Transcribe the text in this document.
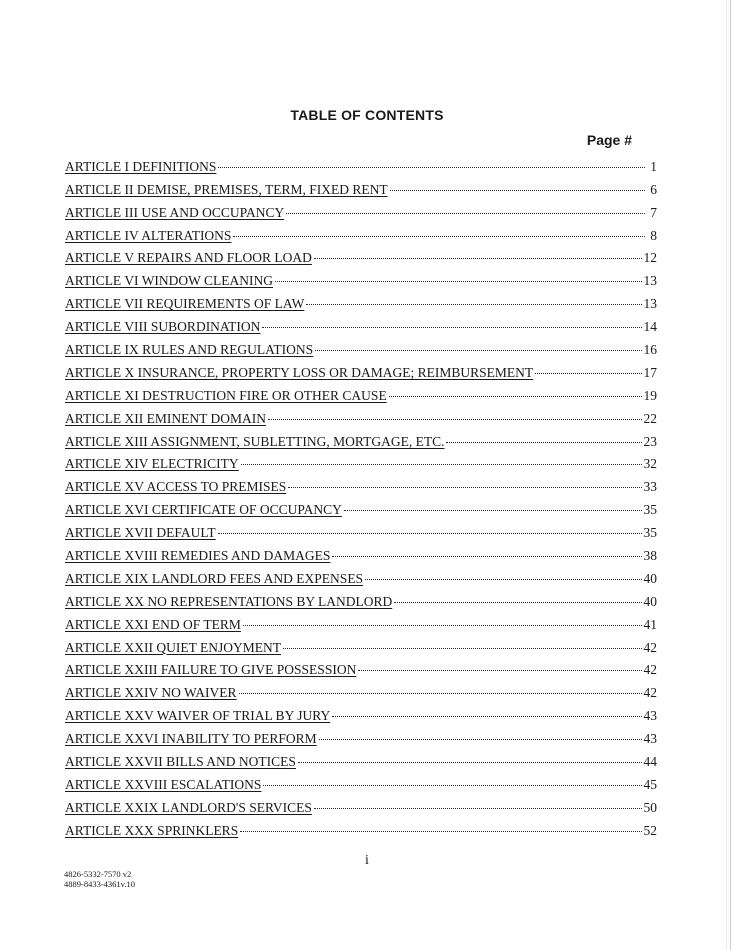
TABLE OF CONTENTS
Page #
ARTICLE I DEFINITIONS	1
ARTICLE II DEMISE, PREMISES, TERM, FIXED RENT	6
ARTICLE III USE AND OCCUPANCY	7
ARTICLE IV ALTERATIONS	8
ARTICLE V REPAIRS AND FLOOR LOAD	12
ARTICLE VI WINDOW CLEANING	13
ARTICLE VII REQUIREMENTS OF LAW	13
ARTICLE VIII SUBORDINATION	14
ARTICLE IX RULES AND REGULATIONS	16
ARTICLE X INSURANCE, PROPERTY LOSS OR DAMAGE; REIMBURSEMENT	17
ARTICLE XI DESTRUCTION FIRE OR OTHER CAUSE	19
ARTICLE XII EMINENT DOMAIN	22
ARTICLE XIII ASSIGNMENT, SUBLETTING, MORTGAGE, ETC.	23
ARTICLE XIV ELECTRICITY	32
ARTICLE XV ACCESS TO PREMISES	33
ARTICLE XVI CERTIFICATE OF OCCUPANCY	35
ARTICLE XVII DEFAULT	35
ARTICLE XVIII REMEDIES AND DAMAGES	38
ARTICLE XIX LANDLORD FEES AND EXPENSES	40
ARTICLE XX NO REPRESENTATIONS BY LANDLORD	40
ARTICLE XXI END OF TERM	41
ARTICLE XXII QUIET ENJOYMENT	42
ARTICLE XXIII FAILURE TO GIVE POSSESSION	42
ARTICLE XXIV NO WAIVER	42
ARTICLE XXV WAIVER OF TRIAL BY JURY	43
ARTICLE XXVI INABILITY TO PERFORM	43
ARTICLE XXVII BILLS AND NOTICES	44
ARTICLE XXVIII ESCALATIONS	45
ARTICLE XXIX LANDLORD'S SERVICES	50
ARTICLE XXX SPRINKLERS	52
i
4826-5332-7570 v2
4889-8433-4361v.10
